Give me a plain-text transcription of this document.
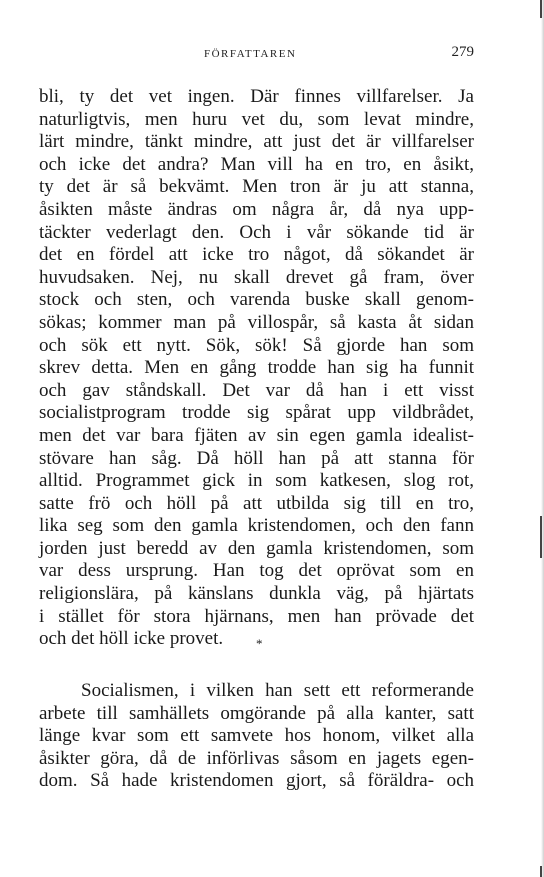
FÖRFATTAREN	279
bli, ty det vet ingen. Där finnes villfarelser. Ja
naturligtvis, men huru vet du, som levat mindre,
lärt mindre, tänkt mindre, att just det är villfarelser
och icke det andra? Man vill ha en tro, en åsikt,
ty det är så bekvämt. Men tron är ju att stanna,
åsikten måste ändras om några år, då nya upp-
täckter vederlagt den. Och i vår sökande tid är
det en fördel att icke tro något, då sökandet är
huvudsaken. Nej, nu skall drevet gå fram, över
stock och sten, och varenda buske skall genom-
sökas; kommer man på villospår, så kasta åt sidan
och sök ett nytt. Sök, sök! Så gjorde han som
skrev detta. Men en gång trodde han sig ha funnit
och gav ståndskall. Det var då han i ett visst
socialistprogram trodde sig spårat upp vildbrådet,
men det var bara fjäten av sin egen gamla idealist-
stövare han såg. Då höll han på att stanna för
alltid. Programmet gick in som katkesen, slog rot,
satte frö och höll på att utbilda sig till en tro,
lika seg som den gamla kristendomen, och den fann
jorden just beredd av den gamla kristendomen, som
var dess ursprung. Han tog det oprövat som en
religionslära, på känslans dunkla väg, på hjärtats
i stället för stora hjärnans, men han prövade det
och det höll icke provet.	*
Socialismen, i vilken han sett ett reformerande
arbete till samhällets omgörande på alla kanter, satt
länge kvar som ett samvete hos honom, vilket alla
åsikter göra, då de införlivas såsom en jagets egen-
dom. Så hade kristendomen gjort, så föräldra- och
